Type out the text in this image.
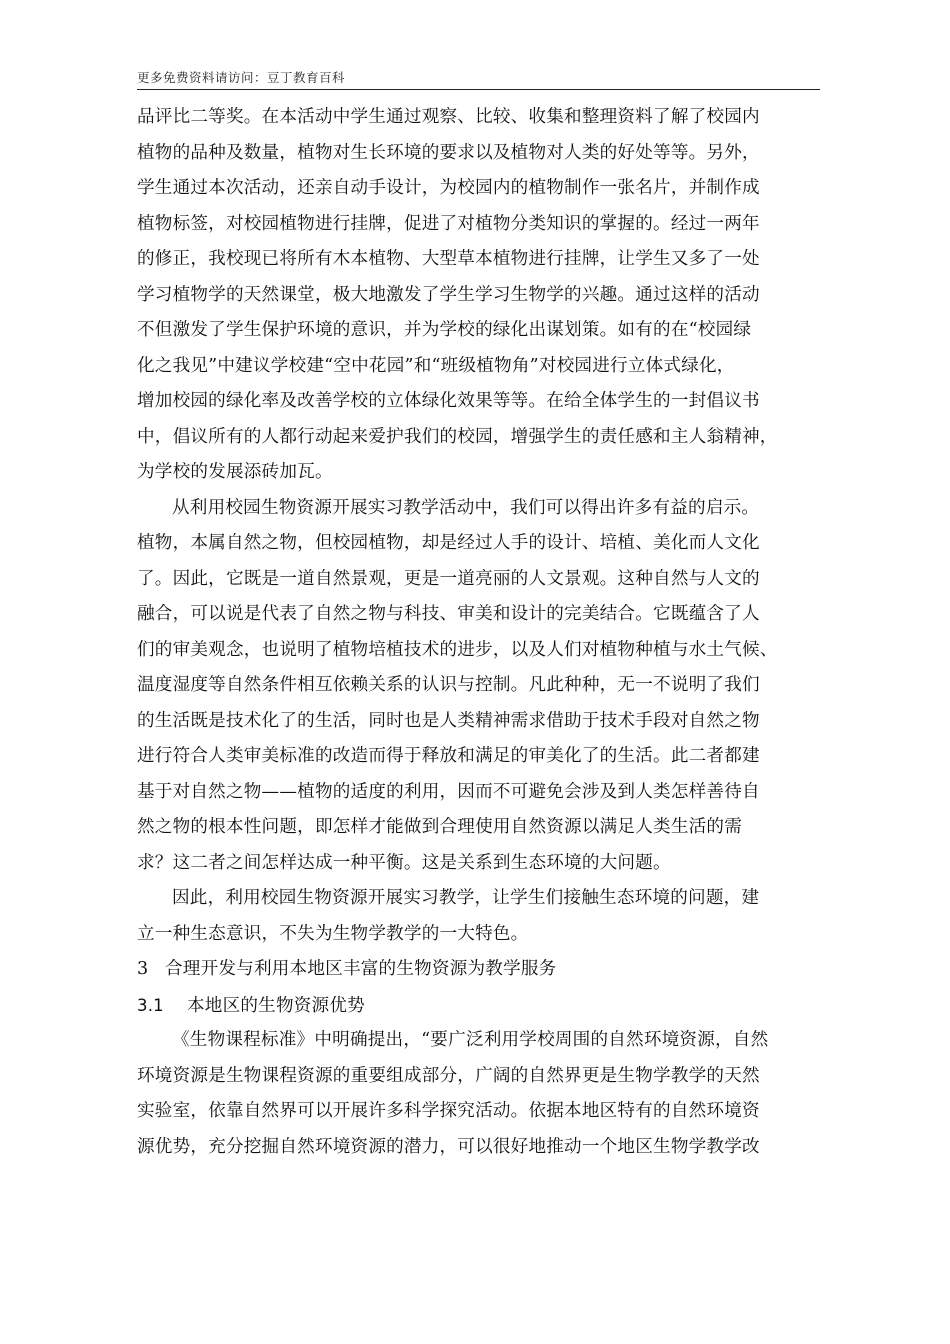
更多免费资料请访问：豆丁教育百科
品评比二等奖。在本活动中学生通过观察、比较、收集和整理资料了解了校园内
植物的品种及数量，植物对生长环境的要求以及植物对人类的好处等等。另外，
学生通过本次活动，还亲自动手设计，为校园内的植物制作一张名片，并制作成
植物标签，对校园植物进行挂牌，促进了对植物分类知识的掌握的。经过一两年
的修正，我校现已将所有木本植物、大型草本植物进行挂牌，让学生又多了一处
学习植物学的天然课堂，极大地激发了学生学习生物学的兴趣。通过这样的活动
不但激发了学生保护环境的意识，并为学校的绿化出谋划策。如有的在“校园绿
化之我见”中建议学校建“空中花园”和“班级植物角”对校园进行立体式绿化，
增加校园的绿化率及改善学校的立体绿化效果等等。在给全体学生的一封倡议书
中，倡议所有的人都行动起来爱护我们的校园，增强学生的责任感和主人翁精神，
为学校的发展添砖加瓦。
从利用校园生物资源开展实习教学活动中，我们可以得出许多有益的启示。
植物，本属自然之物，但校园植物，却是经过人手的设计、培植、美化而人文化
了。因此，它既是一道自然景观，更是一道亮丽的人文景观。这种自然与人文的
融合，可以说是代表了自然之物与科技、审美和设计的完美结合。它既蕴含了人
们的审美观念，也说明了植物培植技术的进步，以及人们对植物种植与水土气候、
温度湿度等自然条件相互依赖关系的认识与控制。凡此种种，无一不说明了我们
的生活既是技术化了的生活，同时也是人类精神需求借助于技术手段对自然之物
进行符合人类审美标准的改造而得于释放和满足的审美化了的生活。此二者都建
基于对自然之物——植物的适度的利用，因而不可避免会涉及到人类怎样善待自
然之物的根本性问题，即怎样才能做到合理使用自然资源以满足人类生活的需
求？这二者之间怎样达成一种平衡。这是关系到生态环境的大问题。
因此，利用校园生物资源开展实习教学，让学生们接触生态环境的问题，建
立一种生态意识，不失为生物学教学的一大特色。
3 合理开发与利用本地区丰富的生物资源为教学服务
3.1 本地区的生物资源优势
《生物课程标准》中明确提出，“要广泛利用学校周围的自然环境资源，自然
环境资源是生物课程资源的重要组成部分，广阔的自然界更是生物学教学的天然
实验室，依靠自然界可以开展许多科学探究活动。依据本地区特有的自然环境资
源优势，充分挖掘自然环境资源的潜力，可以很好地推动一个地区生物学教学改
